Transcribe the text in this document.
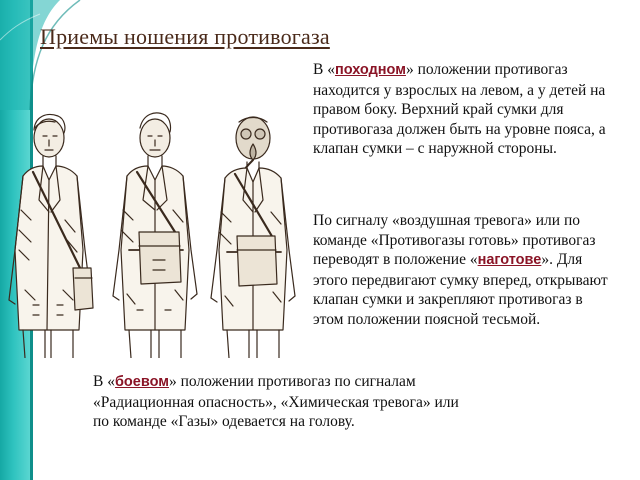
Приемы ношения противогаза
В «походном» положении противогаз находится у взрослых на левом, а у детей на правом боку. Верхний край сумки для противогаза должен быть на уровне пояса, а клапан сумки – с наружной стороны.
По сигналу «воздушная тревога» или по команде «Противогазы готовь» противогаз переводят в положение «наготове». Для этого передвигают сумку вперед, открывают клапан сумки и закрепляют противогаз в этом положении поясной тесьмой.
В «боевом» положении противогаз по сигналам «Радиационная опасность», «Химическая тревога» или по команде «Газы» одевается на голову.
